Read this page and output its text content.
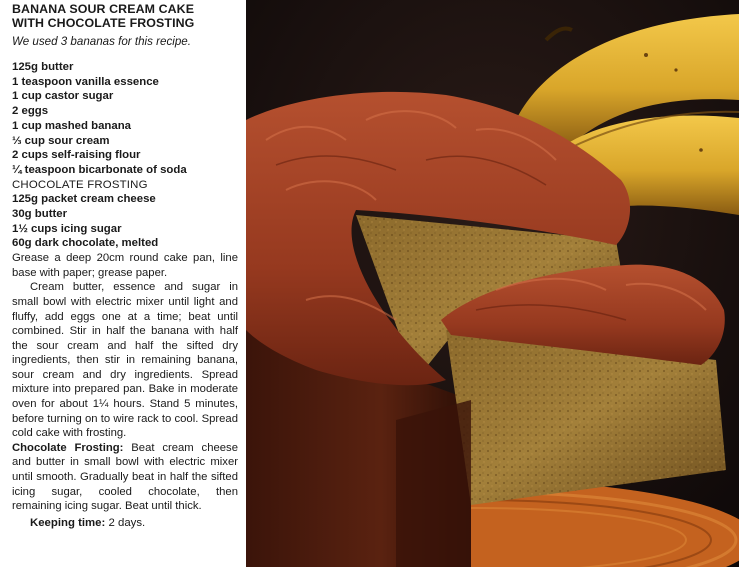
BANANA SOUR CREAM CAKE
WITH CHOCOLATE FROSTING
We used 3 bananas for this recipe.
125g butter
1 teaspoon vanilla essence
1 cup castor sugar
2 eggs
1 cup mashed banana
⅓ cup sour cream
2 cups self-raising flour
¼ teaspoon bicarbonate of soda
CHOCOLATE FROSTING
125g packet cream cheese
30g butter
1½ cups icing sugar
60g dark chocolate, melted

Grease a deep 20cm round cake pan, line base with paper; grease paper.

Cream butter, essence and sugar in small bowl with electric mixer until light and fluffy, add eggs one at a time; beat until combined. Stir in half the banana with half the sour cream and half the sifted dry ingredients, then stir in remaining banana, sour cream and dry ingredients. Spread mixture into prepared pan. Bake in moderate oven for about 1¼ hours. Stand 5 minutes, before turning on to wire rack to cool. Spread cold cake with frosting.

Chocolate Frosting: Beat cream cheese and butter in small bowl with electric mixer until smooth. Gradually beat in half the sifted icing sugar, cooled chocolate, then remaining icing sugar. Beat until thick.

Keeping time: 2 days.
